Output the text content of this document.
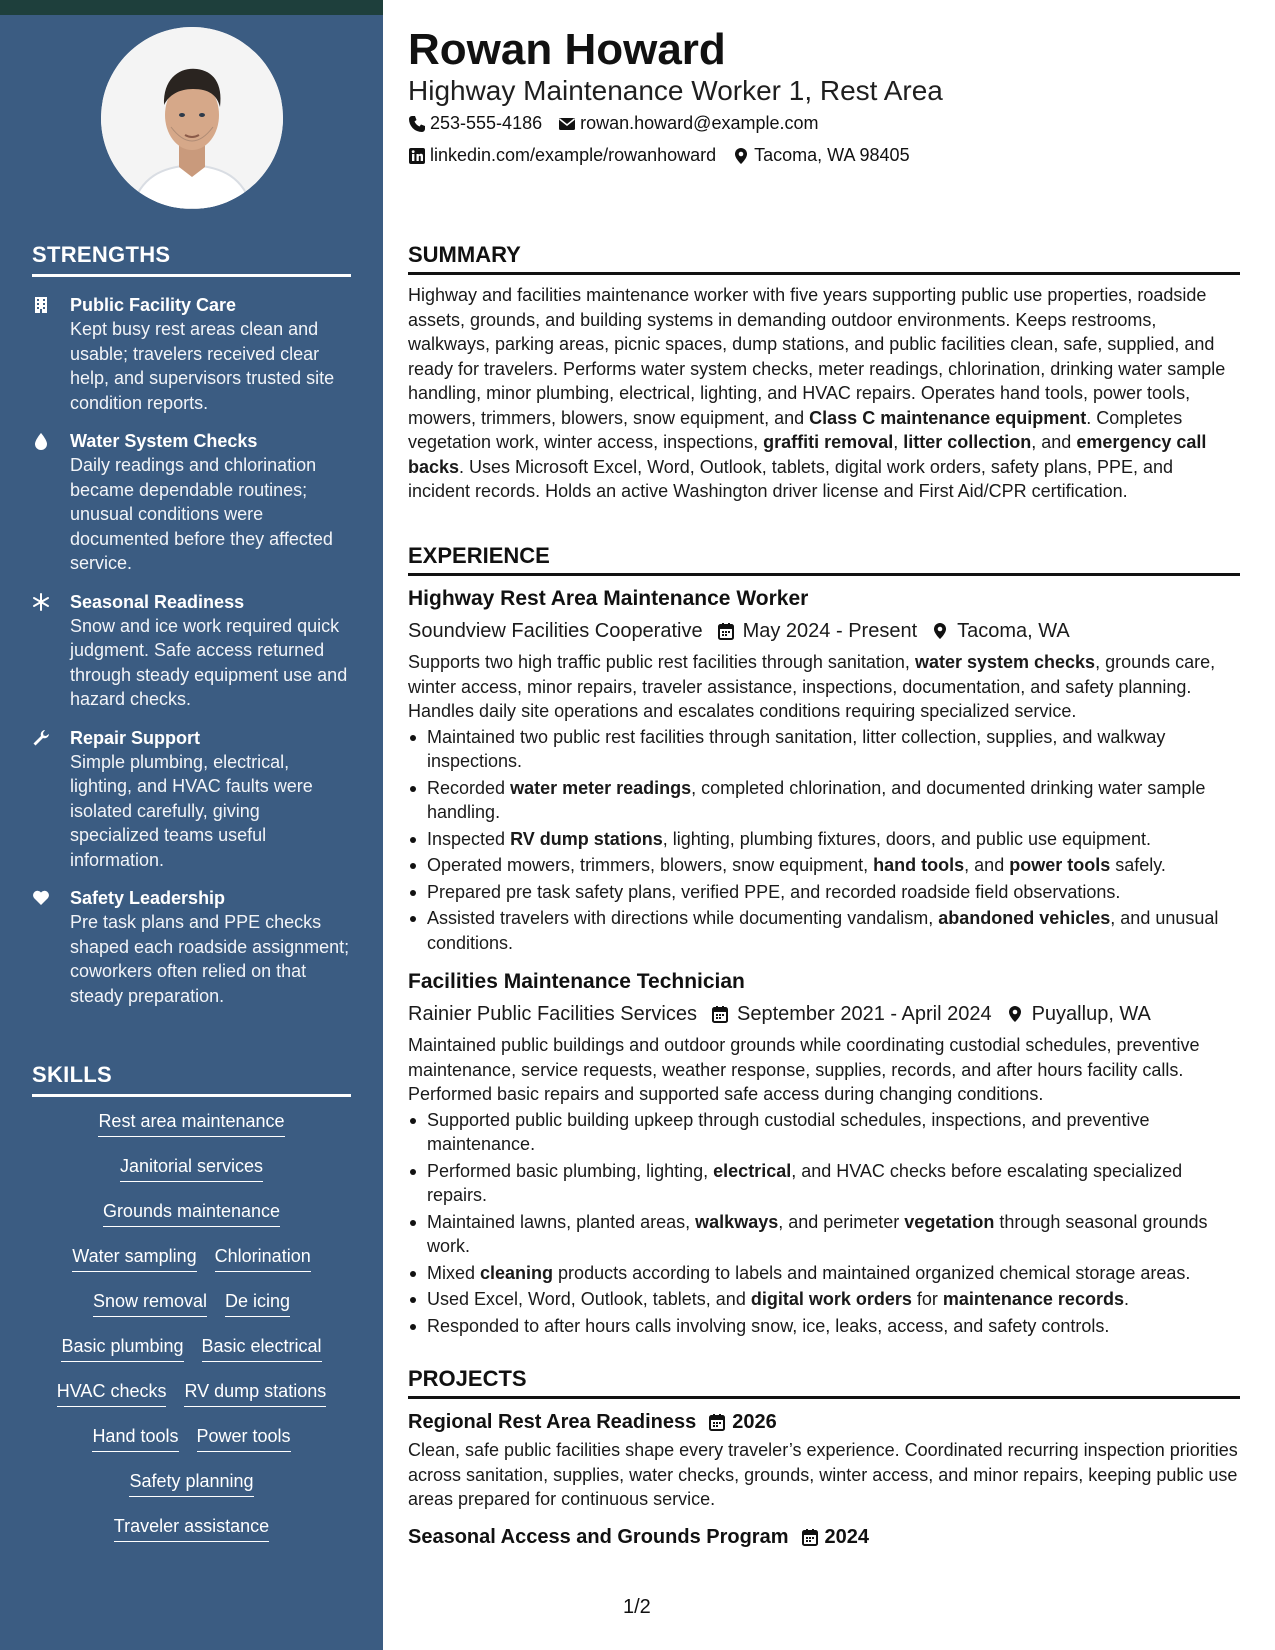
STRENGTHS
Public Facility Care
Kept busy rest areas clean and usable; travelers received clear help, and supervisors trusted site condition reports.
Water System Checks
Daily readings and chlorination became dependable routines; unusual conditions were documented before they affected service.
Seasonal Readiness
Snow and ice work required quick judgment. Safe access returned through steady equipment use and hazard checks.
Repair Support
Simple plumbing, electrical, lighting, and HVAC faults were isolated carefully, giving specialized teams useful information.
Safety Leadership
Pre task plans and PPE checks shaped each roadside assignment; coworkers often relied on that steady preparation.
SKILLS
Rest area maintenance
Janitorial services
Grounds maintenance
Water sampling Chlorination
Snow removal De icing
Basic plumbing Basic electrical
HVAC checks RV dump stations
Hand tools Power tools
Safety planning
Traveler assistance
Rowan Howard
Highway Maintenance Worker 1, Rest Area
253-555-4186 rowan.howard@example.com
linkedin.com/example/rowanhoward Tacoma, WA 98405
SUMMARY

Highway and facilities maintenance worker with five years supporting public use properties, roadside assets, grounds, and building systems in demanding outdoor environments. Keeps restrooms, walkways, parking areas, picnic spaces, dump stations, and public facilities clean, safe, supplied, and ready for travelers. Performs water system checks, meter readings, chlorination, drinking water sample handling, minor plumbing, electrical, lighting, and HVAC repairs. Operates hand tools, power tools, mowers, trimmers, blowers, snow equipment, and Class C maintenance equipment. Completes vegetation work, winter access, inspections, graffiti removal, litter collection, and emergency call backs. Uses Microsoft Excel, Word, Outlook, tablets, digital work orders, safety plans, PPE, and incident records. Holds an active Washington driver license and First Aid/CPR certification.

EXPERIENCE
Highway Rest Area Maintenance Worker
Soundview Facilities Cooperative May 2024 - Present Tacoma, WA

Supports two high traffic public rest facilities through sanitation, water system checks, grounds care, winter access, minor repairs, traveler assistance, inspections, documentation, and safety planning. Handles daily site operations and escalates conditions requiring specialized service.

Maintained two public rest facilities through sanitation, litter collection, supplies, and walkway inspections.
Recorded water meter readings, completed chlorination, and documented drinking water sample handling.
Inspected RV dump stations, lighting, plumbing fixtures, doors, and public use equipment.
Operated mowers, trimmers, blowers, snow equipment, hand tools, and power tools safely.
Prepared pre task safety plans, verified PPE, and recorded roadside field observations.
Assisted travelers with directions while documenting vandalism, abandoned vehicles, and unusual conditions.
Facilities Maintenance Technician
Rainier Public Facilities Services September 2021 - April 2024 Puyallup, WA

Maintained public buildings and outdoor grounds while coordinating custodial schedules, preventive maintenance, service requests, weather response, supplies, records, and after hours facility calls. Performed basic repairs and supported safe access during changing conditions.

Supported public building upkeep through custodial schedules, inspections, and preventive maintenance.
Performed basic plumbing, lighting, electrical, and HVAC checks before escalating specialized repairs.
Maintained lawns, planted areas, walkways, and perimeter vegetation through seasonal grounds work.
Mixed cleaning products according to labels and maintained organized chemical storage areas.
Used Excel, Word, Outlook, tablets, and digital work orders for maintenance records.
Responded to after hours calls involving snow, ice, leaks, access, and safety controls.
PROJECTS
Regional Rest Area Readiness 2026

Clean, safe public facilities shape every traveler’s experience. Coordinated recurring inspection priorities across sanitation, supplies, water checks, grounds, winter access, and minor repairs, keeping public use areas prepared for continuous service.

Seasonal Access and Grounds Program 2024
1/2
